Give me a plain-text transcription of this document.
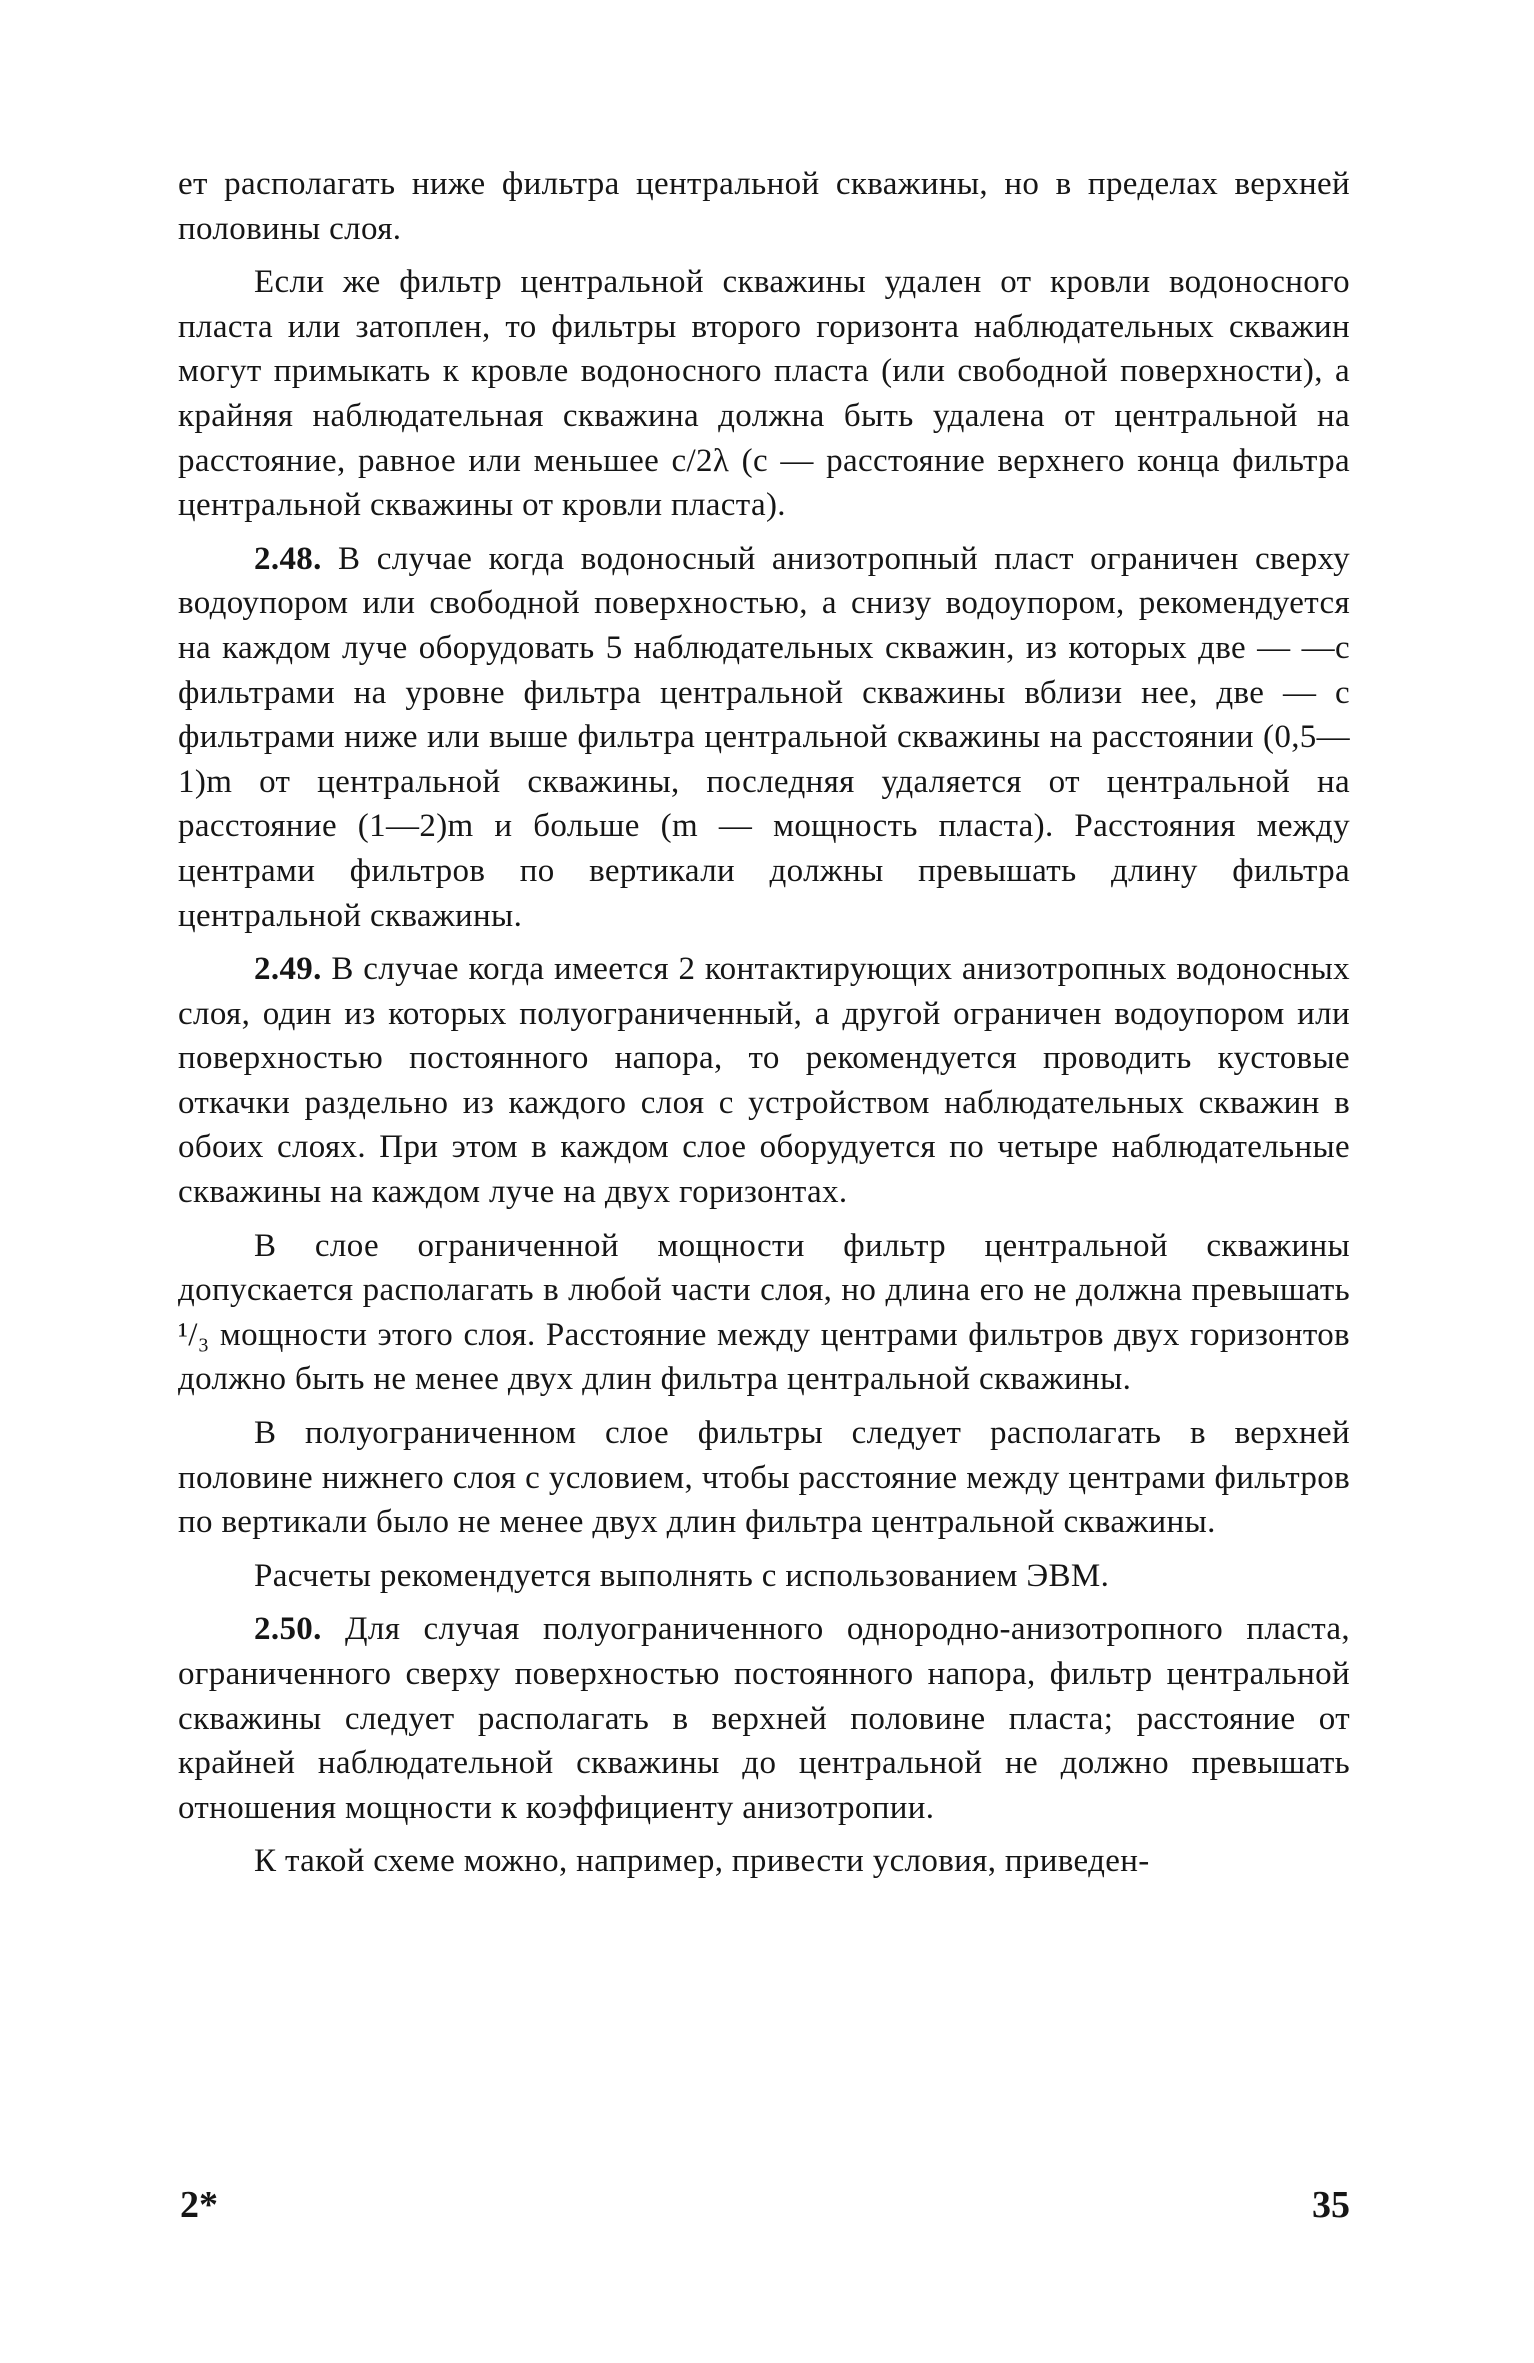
ет располагать ниже фильтра центральной скважины, но в пределах верхней половины слоя.

Если же фильтр центральной скважины удален от кровли водоносного пласта или затоплен, то фильтры второго горизонта наблюдательных скважин могут примыкать к кровле водоносного пласта (или свободной поверхности), а крайняя наблюдательная скважина должна быть удалена от центральной на расстояние, равное или меньшее c/2λ (c — расстояние верхнего конца фильтра центральной скважины от кровли пласта).

2.48. В случае когда водоносный анизотропный пласт ограничен сверху водоупором или свободной поверхностью, а снизу водоупором, рекомендуется на каждом луче оборудовать 5 наблюдательных скважин, из которых две — —с фильтрами на уровне фильтра центральной скважины вблизи нее, две — с фильтрами ниже или выше фильтра центральной скважины на расстоянии (0,5—1)m от центральной скважины, последняя удаляется от центральной на расстояние (1—2)m и больше (m — мощность пласта). Расстояния между центрами фильтров по вертикали должны превышать длину фильтра центральной скважины.

2.49. В случае когда имеется 2 контактирующих анизотропных водоносных слоя, один из которых полуограниченный, а другой ограничен водоупором или поверхностью постоянного напора, то рекомендуется проводить кустовые откачки раздельно из каждого слоя с устройством наблюдательных скважин в обоих слоях. При этом в каждом слое оборудуется по четыре наблюдательные скважины на каждом луче на двух горизонтах.

В слое ограниченной мощности фильтр центральной скважины допускается располагать в любой части слоя, но длина его не должна превышать ¹/₃ мощности этого слоя. Расстояние между центрами фильтров двух горизонтов должно быть не менее двух длин фильтра центральной скважины.

В полуограниченном слое фильтры следует располагать в верхней половине нижнего слоя с условием, чтобы расстояние между центрами фильтров по вертикали было не менее двух длин фильтра центральной скважины.

Расчеты рекомендуется выполнять с использованием ЭВМ.

2.50. Для случая полуограниченного однородно-анизотропного пласта, ограниченного сверху поверхностью постоянного напора, фильтр центральной скважины следует располагать в верхней половине пласта; расстояние от крайней наблюдательной скважины до центральной не должно превышать отношения мощности к коэффициенту анизотропии.

К такой схеме можно, например, привести условия, приведен-

2*	35
